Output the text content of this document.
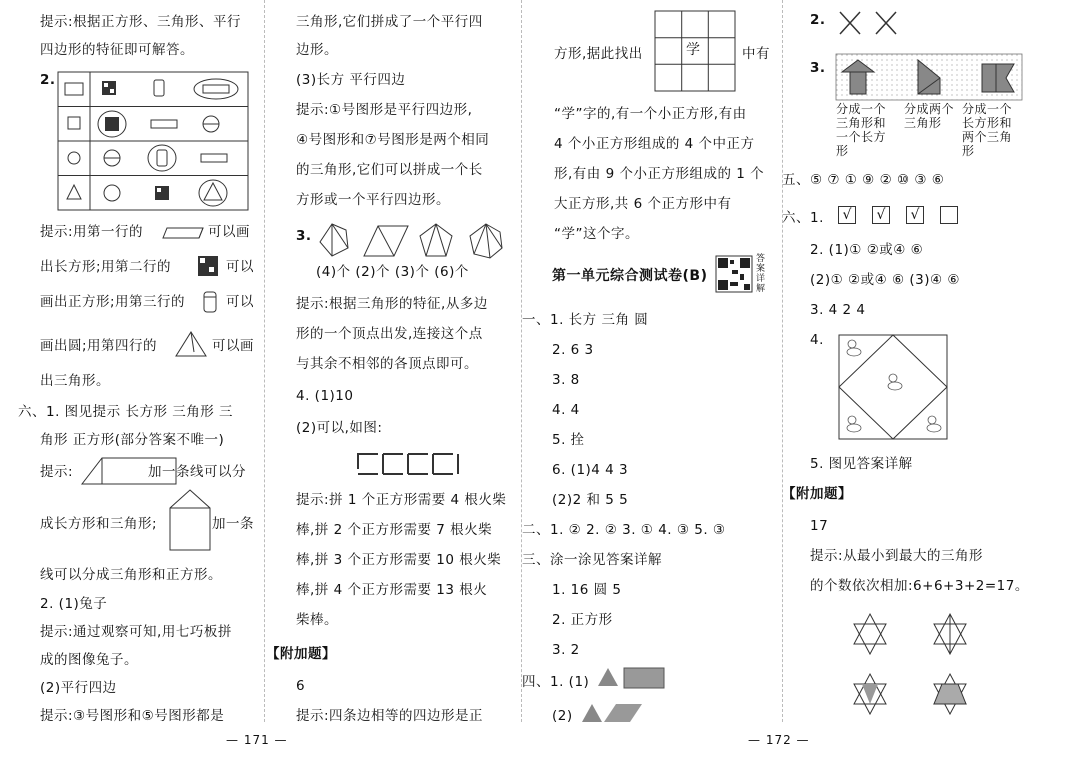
提示:根据正方形、三角形、平行
四边形的特征即可解答。
2.
提示:用第一行的	可以画
出长方形;用第二行的	可以
画出正方形;用第三行的	可以
画出圆;用第四行的	可以画
出三角形。
六、1. 图见提示 长方形 三角形 三
角形 正方形(部分答案不唯一)
提示:	加一条线可以分
成长方形和三角形;	加一条
线可以分成三角形和正方形。
2. (1)兔子
提示:通过观察可知,用七巧板拼
成的图像兔子。
(2)平行四边
提示:③号图形和⑤号图形都是
三角形,它们拼成了一个平行四
边形。
(3)长方 平行四边
提示:①号图形是平行四边形,
④号图形和⑦号图形是两个相同
的三角形,它们可以拼成一个长
方形或一个平行四边形。
3.
(4)个 (2)个 (3)个 (6)个
提示:根据三角形的特征,从多边
形的一个顶点出发,连接这个点
与其余不相邻的各顶点即可。
4. (1)10
(2)可以,如图:
提示:拼 1 个正方形需要 4 根火柴
棒,拼 2 个正方形需要 7 根火柴
棒,拼 3 个正方形需要 10 根火柴
棒,拼 4 个正方形需要 13 根火
柴棒。
【附加题】
6
提示:四条边相等的四边形是正
学
方形,据此找出	中有
“学”字的,有一个小正方形,有由
4 个小正方形组成的 4 个中正方
形,有由 9 个小正方形组成的 1 个
大正方形,共 6 个正方形中有
“学”这个字。
第一单元综合测试卷(B)
答案详解
一、1. 长方 三角 圆
2. 6 3
3. 8
4. 4
5. 拴
6. (1)4 4 3
(2)2 和 5 5
二、1. ② 2. ② 3. ① 4. ③ 5. ③
三、涂一涂见答案详解
1. 16 圆 5
2. 正方形
3. 2
四、1. (1)
(2)
2.
3.
分成一个
三角形和
一个长方
形
分成两个
三角形
分成一个
长方形和
两个三角
形
五、⑤ ⑦ ① ⑨ ② ⑩ ③ ⑥
六、1.	√	√	√
2. (1)① ②或④ ⑥
(2)① ②或④ ⑥ (3)④ ⑥
3. 4 2 4
4.
5. 图见答案详解
【附加题】
17
提示:从最小到最大的三角形
的个数依次相加:6+6+3+2=17。
— 171 —	— 172 —
